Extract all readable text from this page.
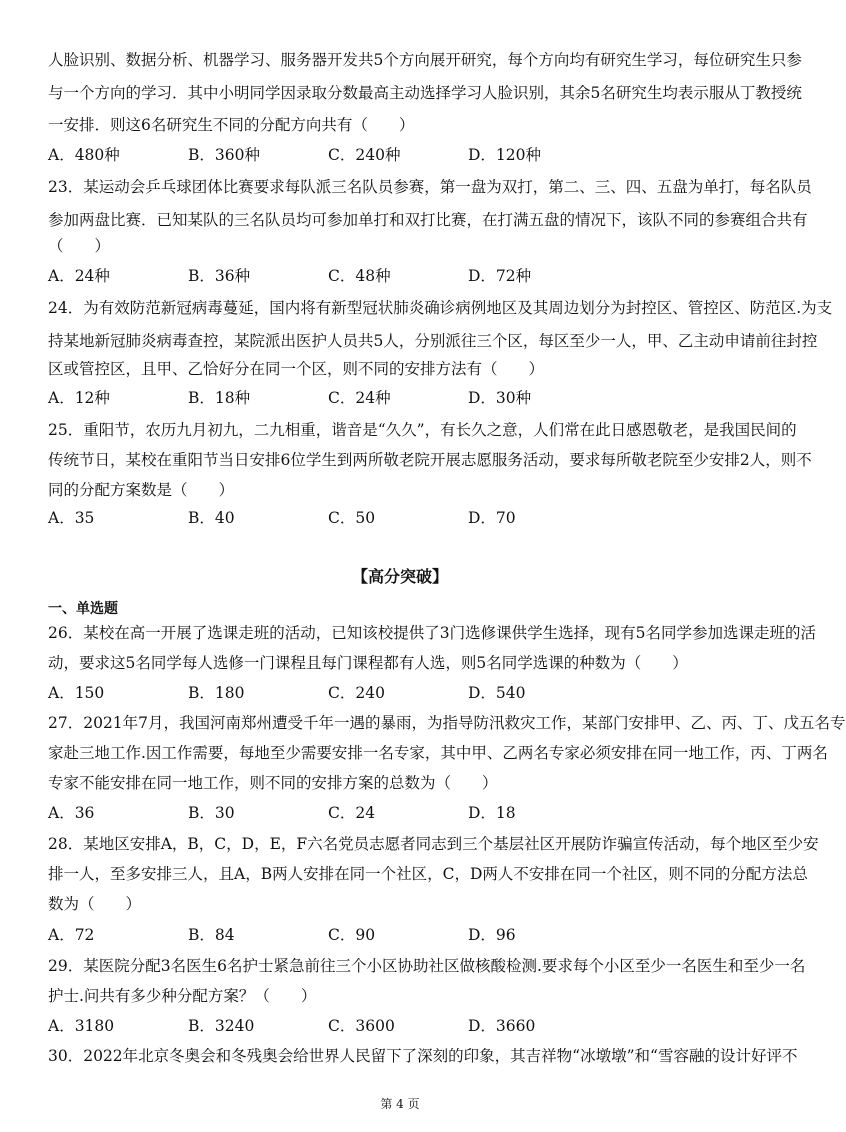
人脸识别、数据分析、机器学习、服务器开发共5个方向展开研究，每个方向均有研究生学习，每位研究生只参
与一个方向的学习．其中小明同学因录取分数最高主动选择学习人脸识别，其余5名研究生均表示服从丁教授统
一安排．则这6名研究生不同的分配方向共有（　　）
A．480种	B．360种	C．240种	D．120种
23．某运动会乒乓球团体比赛要求每队派三名队员参赛，第一盘为双打，第二、三、四、五盘为单打，每名队员
参加两盘比赛．已知某队的三名队员均可参加单打和双打比赛，在打满五盘的情况下，该队不同的参赛组合共有
（　　）
A．24种	B．36种	C．48种	D．72种
24．为有效防范新冠病毒蔓延，国内将有新型冠状肺炎确诊病例地区及其周边划分为封控区、管控区、防范区.为支
持某地新冠肺炎病毒查控，某院派出医护人员共5人，分别派往三个区，每区至少一人，甲、乙主动申请前往封控
区或管控区，且甲、乙恰好分在同一个区，则不同的安排方法有（　　）
A．12种	B．18种	C．24种	D．30种
25．重阳节，农历九月初九，二九相重，谐音是“久久”，有长久之意，人们常在此日感恩敬老，是我国民间的
传统节日，某校在重阳节当日安排6位学生到两所敬老院开展志愿服务活动，要求每所敬老院至少安排2人，则不
同的分配方案数是（　　）
A．35	B．40	C．50	D．70
【高分突破】
一、单选题
26．某校在高一开展了选课走班的活动，已知该校提供了3门选修课供学生选择，现有5名同学参加选课走班的活
动，要求这5名同学每人选修一门课程且每门课程都有人选，则5名同学选课的种数为（　　）
A．150	B．180	C．240	D．540
27．2021年7月，我国河南郑州遭受千年一遇的暴雨，为指导防汛救灾工作，某部门安排甲、乙、丙、丁、戊五名专
家赴三地工作.因工作需要，每地至少需要安排一名专家，其中甲、乙两名专家必须安排在同一地工作，丙、丁两名
专家不能安排在同一地工作，则不同的安排方案的总数为（　　）
A．36	B．30	C．24	D．18
28．某地区安排A，B，C，D，E，F六名党员志愿者同志到三个基层社区开展防诈骗宣传活动，每个地区至少安
排一人，至多安排三人，且A，B两人安排在同一个社区，C，D两人不安排在同一个社区，则不同的分配方法总
数为（　　）
A．72	B．84	C．90	D．96
29．某医院分配3名医生6名护士紧急前往三个小区协助社区做核酸检测.要求每个小区至少一名医生和至少一名
护士.问共有多少种分配方案？（　　）
A．3180	B．3240	C．3600	D．3660
30．2022年北京冬奥会和冬残奥会给世界人民留下了深刻的印象，其吉祥物“冰墩墩”和“雪容融的设计好评不
第 4 页
